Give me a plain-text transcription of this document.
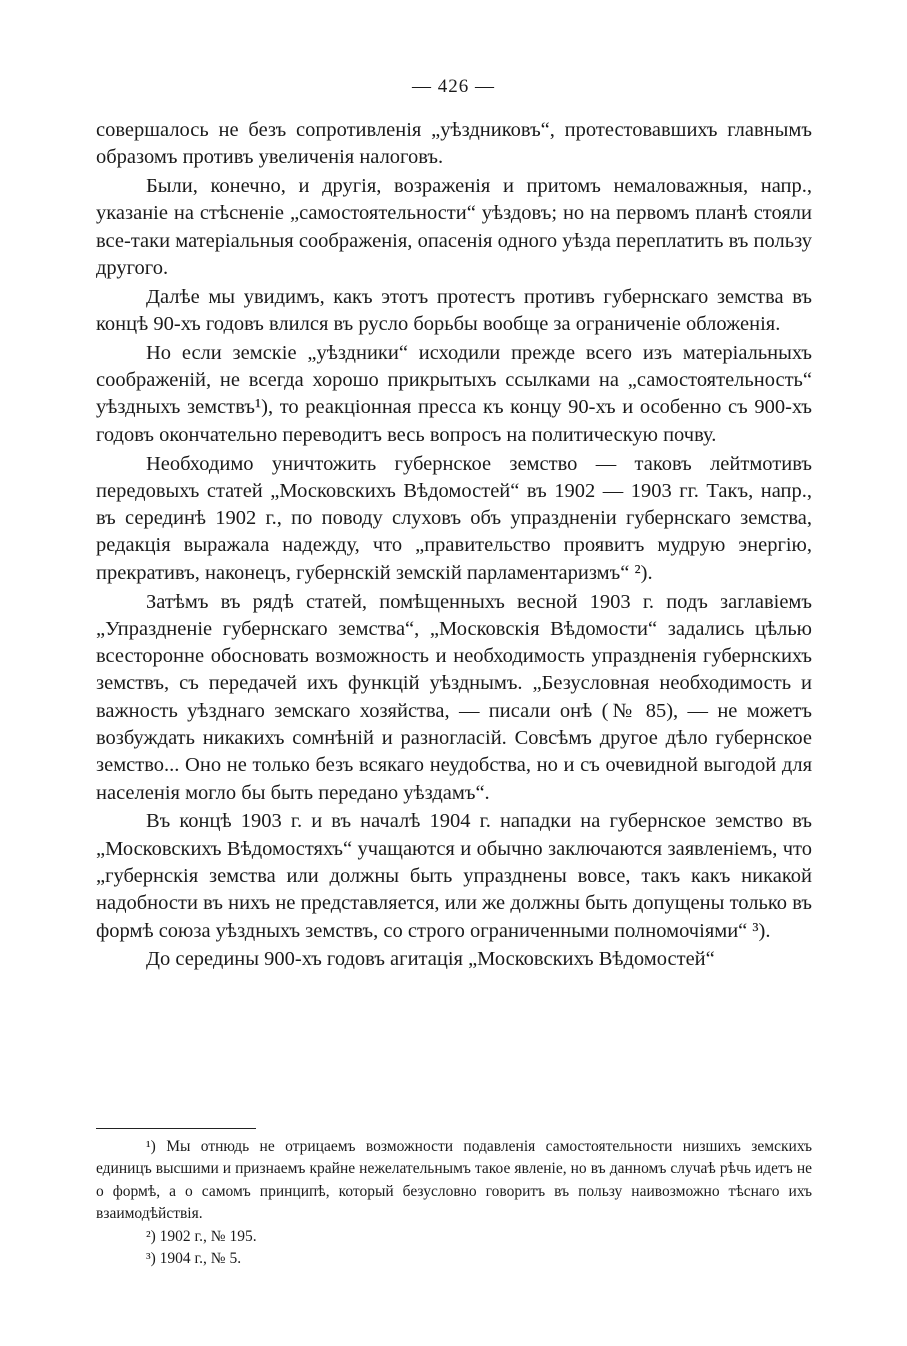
— 426 —

совершалось не безъ сопротивленія „уѣздниковъ“, протестовавшихъ главнымъ образомъ противъ увеличенія налоговъ.

Были, конечно, и другія, возраженія и притомъ немаловажныя, напр., указаніе на стѣсненіе „самостоятельности“ уѣздовъ; но на первомъ планѣ стояли все-таки матеріальныя соображенія, опасенія одного уѣзда переплатить въ пользу другого.

Далѣе мы увидимъ, какъ этотъ протестъ противъ губернскаго земства въ концѣ 90-хъ годовъ влился въ русло борьбы вообще за ограниченіе обложенія.

Но если земскіе „уѣздники“ исходили прежде всего изъ матеріальныхъ соображеній, не всегда хорошо прикрытыхъ ссылками на „самостоятельность“ уѣздныхъ земствъ¹), то реакціонная пресса къ концу 90-хъ и особенно съ 900-хъ годовъ окончательно переводитъ весь вопросъ на политическую почву.

Необходимо уничтожить губернское земство — таковъ лейтмотивъ передовыхъ статей „Московскихъ Вѣдомостей“ въ 1902 — 1903 гг. Такъ, напр., въ серединѣ 1902 г., по поводу слуховъ объ упраздненіи губернскаго земства, редакція выражала надежду, что „правительство проявитъ мудрую энергію, прекративъ, наконецъ, губернскій земскій парламентаризмъ“ ²).

Затѣмъ въ рядѣ статей, помѣщенныхъ весной 1903 г. подъ заглавіемъ „Упраздненіе губернскаго земства“, „Московскія Вѣдомости“ задались цѣлью всесторонне обосновать возможность и необходимость упраздненія губернскихъ земствъ, съ передачей ихъ функцій уѣзднымъ. „Безусловная необходимость и важность уѣзднаго земскаго хозяйства, — писали онѣ (№ 85), — не можетъ возбуждать никакихъ сомнѣній и разногласій. Совсѣмъ другое дѣло губернское земство... Оно не только безъ всякаго неудобства, но и съ очевидной выгодой для населенія могло бы быть передано уѣздамъ“.

Въ концѣ 1903 г. и въ началѣ 1904 г. нападки на губернское земство въ „Московскихъ Вѣдомостяхъ“ учащаются и обычно заключаются заявленіемъ, что „губернскія земства или должны быть упразднены вовсе, такъ какъ никакой надобности въ нихъ не представляется, или же должны быть допущены только въ формѣ союза уѣздныхъ земствъ, со строго ограниченными полномочіями“ ³).

До середины 900-хъ годовъ агитація „Московскихъ Вѣдомостей“

¹) Мы отнюдь не отрицаемъ возможности подавленія самостоятельности низшихъ земскихъ единицъ высшими и признаемъ крайне нежелательнымъ такое явленіе, но въ данномъ случаѣ рѣчь идетъ не о формѣ, а о самомъ принципѣ, который безусловно говоритъ въ пользу наивозможно тѣснаго ихъ взаимодѣйствія.

²) 1902 г., № 195.

³) 1904 г., № 5.
